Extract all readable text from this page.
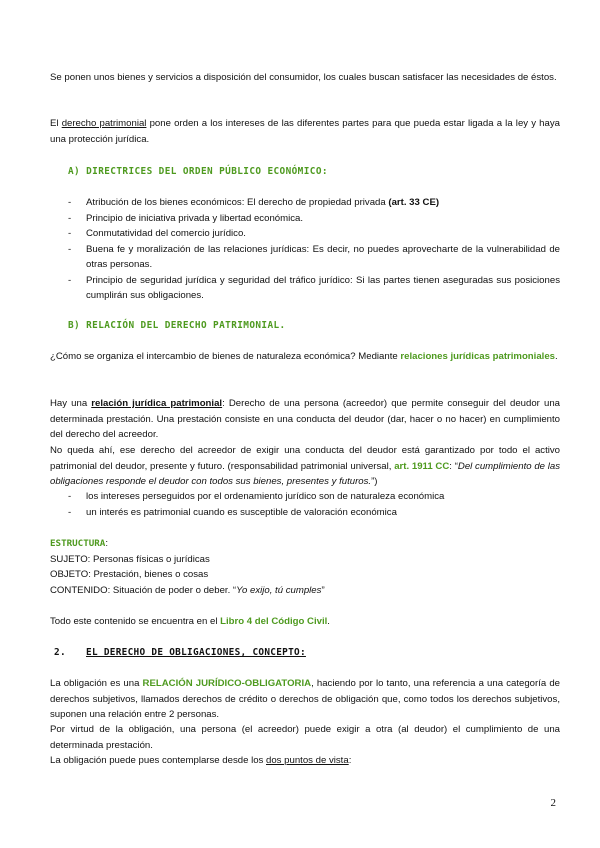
Se ponen unos bienes y servicios a disposición del consumidor, los cuales buscan satisfacer las necesidades de éstos.

El derecho patrimonial pone orden a los intereses de las diferentes partes para que pueda estar ligada a la ley y haya una protección jurídica.

A) DIRECTRICES DEL ORDEN PÚBLICO ECONÓMICO:
- Atribución de los bienes económicos: El derecho de propiedad privada (art. 33 CE)
- Principio de iniciativa privada y libertad económica.
- Conmutatividad del comercio jurídico.
- Buena fe y moralización de las relaciones jurídicas: Es decir, no puedes aprovecharte de la vulnerabilidad de otras personas.
- Principio de seguridad jurídica y seguridad del tráfico jurídico: Si las partes tienen aseguradas sus posiciones cumplirán sus obligaciones.
B) RELACIÓN DEL DERECHO PATRIMONIAL.

¿Cómo se organiza el intercambio de bienes de naturaleza económica? Mediante relaciones jurídicas patrimoniales.

Hay una relación jurídica patrimonial: Derecho de una persona (acreedor) que permite conseguir del deudor una determinada prestación. Una prestación consiste en una conducta del deudor (dar, hacer o no hacer) en cumplimiento del derecho del acreedor.

No queda ahí, ese derecho del acreedor de exigir una conducta del deudor está garantizado por todo el activo patrimonial del deudor, presente y futuro. (responsabilidad patrimonial universal, art. 1911 CC: “Del cumplimiento de las obligaciones responde el deudor con todos sus bienes, presentes y futuros.”)

- los intereses perseguidos por el ordenamiento jurídico son de naturaleza económica
- un interés es patrimonial cuando es susceptible de valoración económica
ESTRUCTURA:
SUJETO: Personas físicas o jurídicas
OBJETO: Prestación, bienes o cosas
CONTENIDO: Situación de poder o deber. “Yo exijo, tú cumples”

Todo este contenido se encuentra en el Libro 4 del Código Civil.

2. EL DERECHO DE OBLIGACIONES, CONCEPTO:

La obligación es una RELACIÓN JURÍDICO-OBLIGATORIA, haciendo por lo tanto, una referencia a una categoría de derechos subjetivos, llamados derechos de crédito o derechos de obligación que, como todos los derechos subjetivos, suponen una relación entre 2 personas.

Por virtud de la obligación, una persona (el acreedor) puede exigir a otra (al deudor) el cumplimiento de una determinada prestación.

La obligación puede pues contemplarse desde los dos puntos de vista:

2
